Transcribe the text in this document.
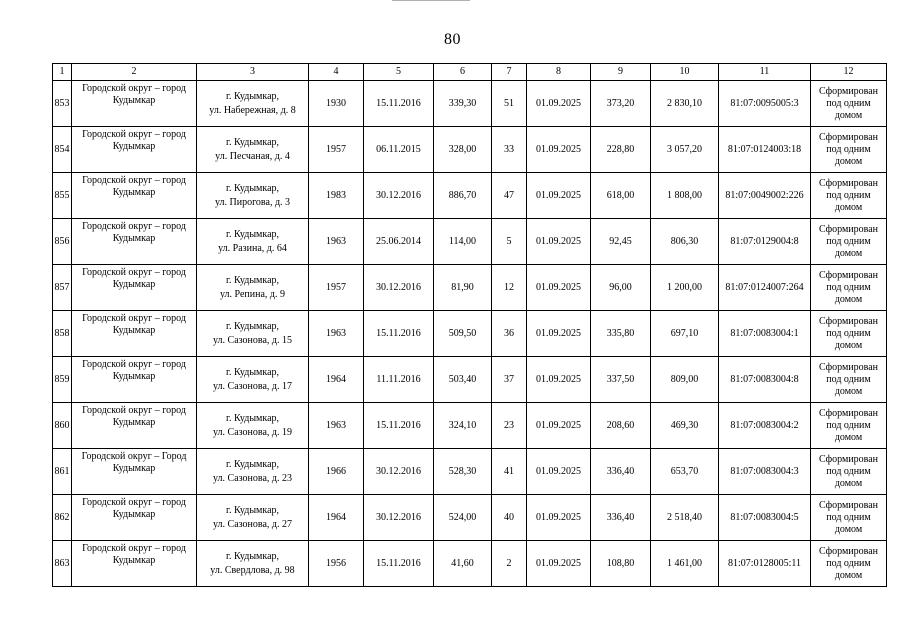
80
1	2	3	4	5	6	7	8	9	10	11	12
853	Городской округ – город Кудымкар	г. Кудымкар,
ул. Набережная, д. 8	1930	15.11.2016	339,30	51	01.09.2025	373,20	2 830,10	81:07:0095005:3	Сформирован под одним домом
854	Городской округ – город Кудымкар	г. Кудымкар,
ул. Песчаная, д. 4	1957	06.11.2015	328,00	33	01.09.2025	228,80	3 057,20	81:07:0124003:18	Сформирован под одним домом
855	Городской округ – город Кудымкар	г. Кудымкар,
ул. Пирогова, д. 3	1983	30.12.2016	886,70	47	01.09.2025	618,00	1 808,00	81:07:0049002:226	Сформирован под одним домом
856	Городской округ – город Кудымкар	г. Кудымкар,
ул. Разина, д. 64	1963	25.06.2014	114,00	5	01.09.2025	92,45	806,30	81:07:0129004:8	Сформирован под одним домом
857	Городской округ – город Кудымкар	г. Кудымкар,
ул. Репина, д. 9	1957	30.12.2016	81,90	12	01.09.2025	96,00	1 200,00	81:07:0124007:264	Сформирован под одним домом
858	Городской округ – город Кудымкар	г. Кудымкар,
ул. Сазонова, д. 15	1963	15.11.2016	509,50	36	01.09.2025	335,80	697,10	81:07:0083004:1	Сформирован под одним домом
859	Городской округ – город Кудымкар	г. Кудымкар,
ул. Сазонова, д. 17	1964	11.11.2016	503,40	37	01.09.2025	337,50	809,00	81:07:0083004:8	Сформирован под одним домом
860	Городской округ – город Кудымкар	г. Кудымкар,
ул. Сазонова, д. 19	1963	15.11.2016	324,10	23	01.09.2025	208,60	469,30	81:07:0083004:2	Сформирован под одним домом
861	Городской округ – Город Кудымкар	г. Кудымкар,
ул. Сазонова, д. 23	1966	30.12.2016	528,30	41	01.09.2025	336,40	653,70	81:07:0083004:3	Сформирован под одним домом
862	Городской округ – город Кудымкар	г. Кудымкар,
ул. Сазонова, д. 27	1964	30.12.2016	524,00	40	01.09.2025	336,40	2 518,40	81:07:0083004:5	Сформирован под одним домом
863	Городской округ – город Кудымкар	г. Кудымкар,
ул. Свердлова, д. 98	1956	15.11.2016	41,60	2	01.09.2025	108,80	1 461,00	81:07:0128005:11	Сформирован под одним домом
